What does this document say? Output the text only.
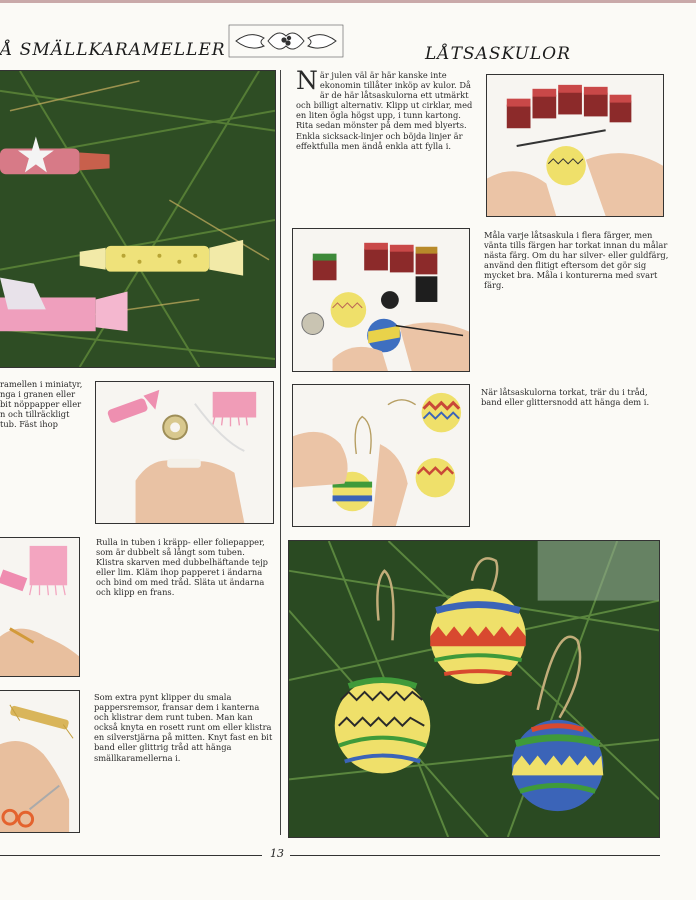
Å SMÄLLKARAMELLER	LÅTSASKULOR
ramellen i miniatyr,
nga i granen eller
bit nöppapper eller
n och tillräckligt
tub. Fäst ihop
Rulla in tuben i kräpp- eller foliepapper, som är dubbelt så långt som tuben. Klistra skarven med dubbelhäftande tejp eller lim. Kläm ihop papperet i ändarna och bind om med tråd. Släta ut ändarna och klipp en frans.
Som extra pynt klipper du smala pappersremsor, fransar dem i kanterna och klistrar dem runt tuben. Man kan också knyta en rosett runt om eller klistra en silverstjärna på mitten. Knyt fast en bit band eller glittrig tråd att hänga smällkaramellerna i.
När julen väl är här kanske inte ekonomin tillåter inköp av kulor. Då är de här låtsaskulorna ett utmärkt och billigt alternativ. Klipp ut cirklar, med en liten ögla högst upp, i tunn kartong. Rita sedan mönster på dem med blyerts. Enkla sicksack-linjer och böjda linjer är effektfulla men ändå enkla att fylla i.
Måla varje låtsaskula i flera färger, men vänta tills färgen har torkat innan du målar nästa färg. Om du har silver- eller guldfärg, använd den flitigt eftersom det gör sig mycket bra. Måla i konturerna med svart färg.
När låtsaskulorna torkat, trär du i tråd, band eller glittersnodd att hänga dem i.
13
